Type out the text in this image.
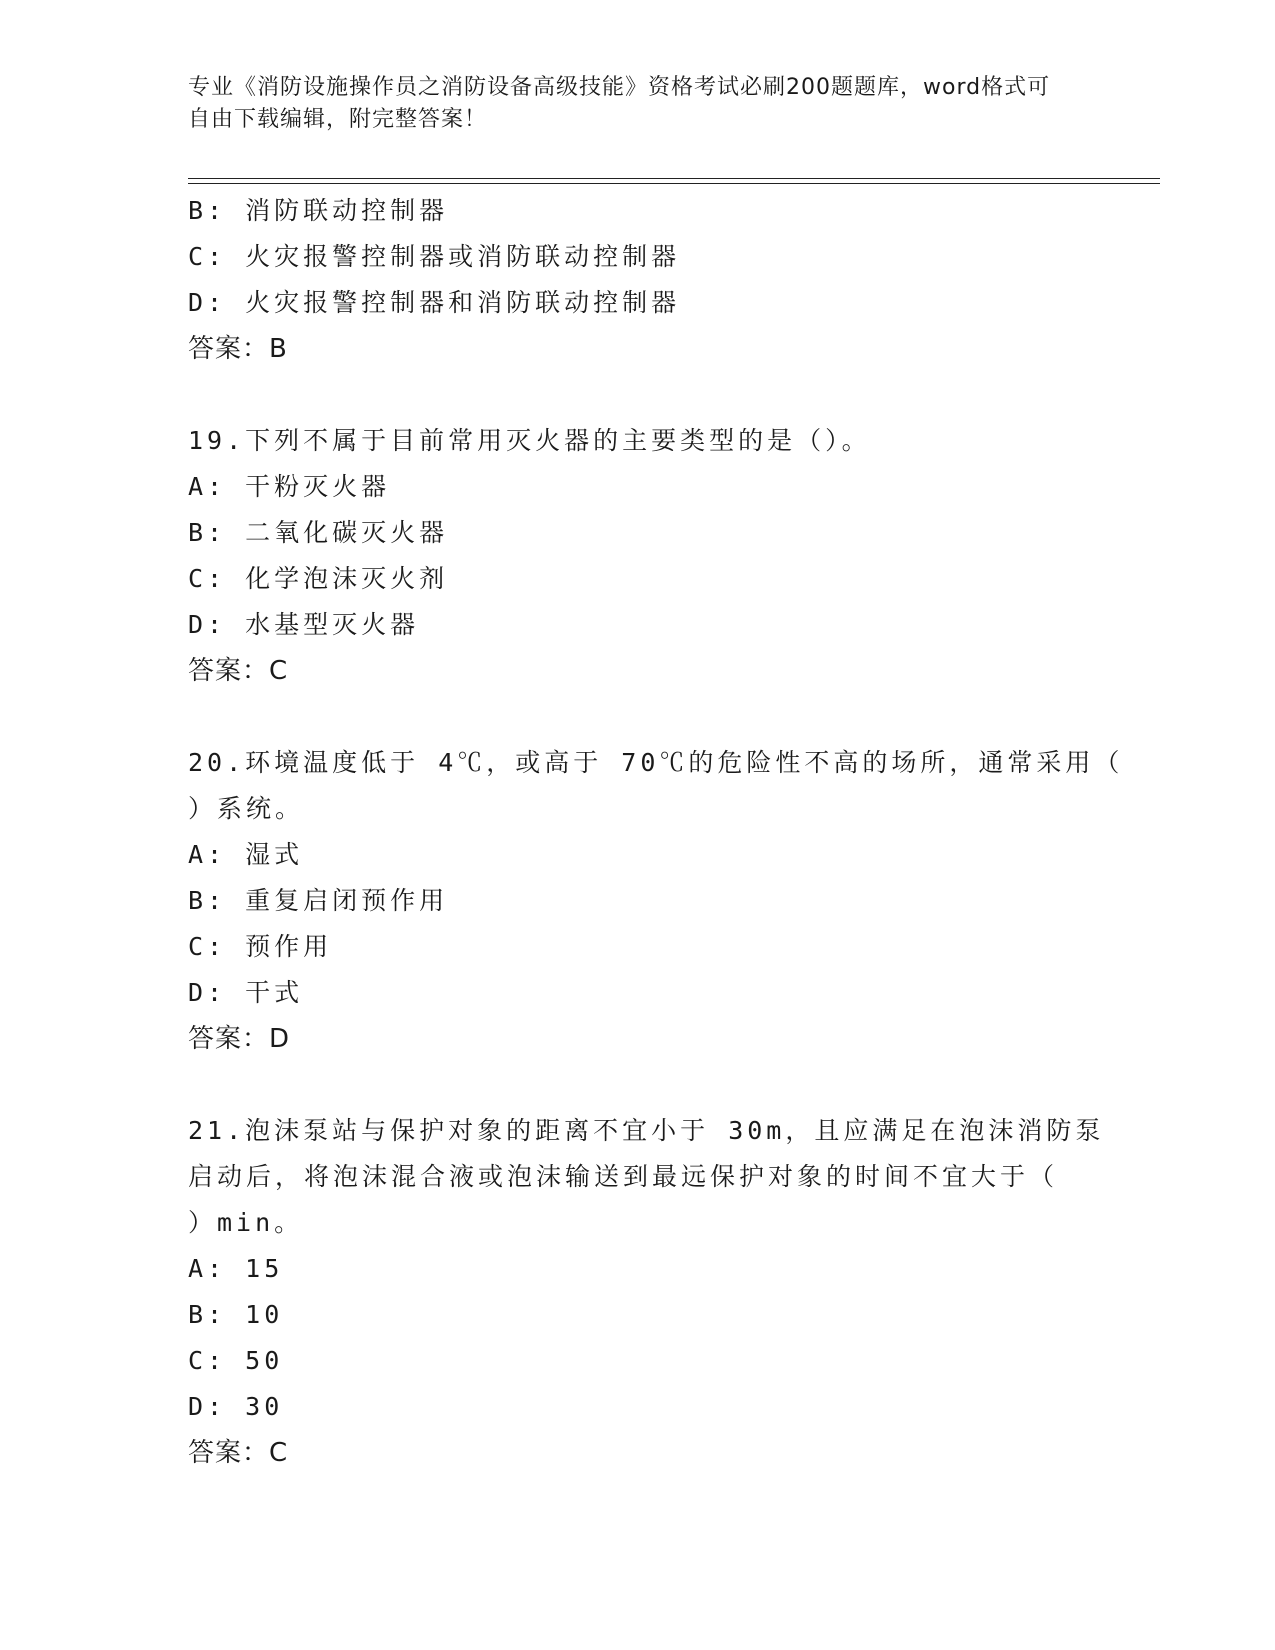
专业《消防设施操作员之消防设备高级技能》资格考试必刷200题题库，word格式可自由下载编辑，附完整答案！
B: 消防联动控制器
C: 火灾报警控制器或消防联动控制器
D: 火灾报警控制器和消防联动控制器
答案：B
19.下列不属于目前常用灭火器的主要类型的是（）。
A: 干粉灭火器
B: 二氧化碳灭火器
C: 化学泡沫灭火剂
D: 水基型灭火器
答案：C
20.环境温度低于 4℃，或高于 70℃的危险性不高的场所，通常采用（
）系统。
A: 湿式
B: 重复启闭预作用
C: 预作用
D: 干式
答案：D
21.泡沫泵站与保护对象的距离不宜小于 30m，且应满足在泡沫消防泵
启动后，将泡沫混合液或泡沫输送到最远保护对象的时间不宜大于（
）min。
A: 15
B: 10
C: 50
D: 30
答案：C
